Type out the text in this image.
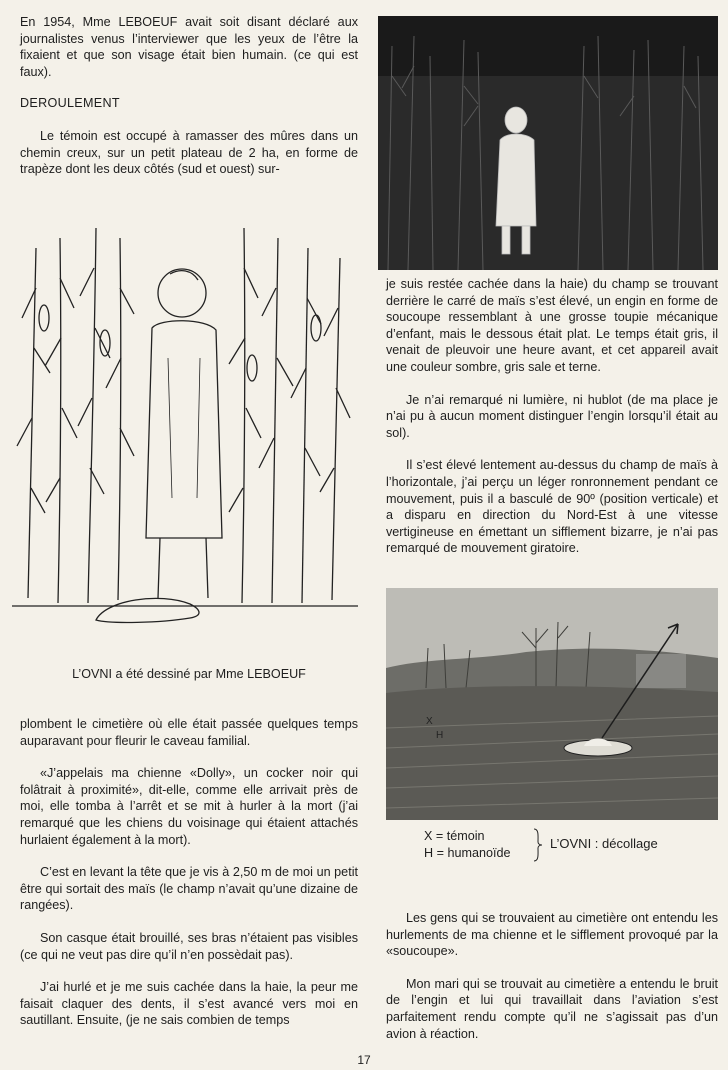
En 1954, Mme LEBOEUF avait soit disant déclaré aux journalistes venus l’interviewer que les yeux de l’être la fixaient et que son visage était bien humain. (ce qui est faux).

DEROULEMENT

Le témoin est occupé à ramasser des mûres dans un chemin creux, sur un petit plateau de 2 ha, en forme de trapèze dont les deux côtés (sud et ouest) sur-

L’OVNI a été dessiné par Mme LEBOEUF

plombent le cimetière où elle était passée quelques temps auparavant pour fleurir le caveau familial.

«J’appelais ma chienne «Dolly», un cocker noir qui folâtrait à proximité», dit-elle, comme elle arrivait près de moi, elle tomba à l’arrêt et se mit à hurler à la mort (j’ai remarqué que les chiens du voisinage qui étaient attachés hurlaient également à la mort).

C’est en levant la tête que je vis à 2,50 m de moi un petit être qui sortait des maïs (le champ n’avait qu’une dizaine de rangées).

Son casque était brouillé, ses bras n’étaient pas visibles (ce qui ne veut pas dire qu’il n’en possèdait pas).

J’ai hurlé et je me suis cachée dans la haie, la peur me faisait claquer des dents, il s’est avancé vers moi en sautillant. Ensuite, (je ne sais combien de temps

je suis restée cachée dans la haie) du champ se trouvant derrière le carré de maïs s’est élevé, un engin en forme de soucoupe ressemblant à une grosse toupie mécanique d’enfant, mais le dessous était plat. Le temps était gris, il venait de pleuvoir une heure avant, et cet appareil avait une couleur sombre, gris sale et terne.

Je n’ai remarqué ni lumière, ni hublot (de ma place je n’ai pu à aucun moment distinguer l’engin lorsqu’il était au sol).

Il s’est élevé lentement au-dessus du champ de maïs à l’horizontale, j’ai perçu un léger ronronnement pendant ce mouvement, puis il a basculé de 90º (position verticale) et a disparu en direction du Nord-Est à une vitesse vertigineuse en émettant un sifflement bizarre, je n’ai pas remarqué de mouvement giratoire.

X
H
X = témoin
H = humanoïde
L’OVNI : décollage

Les gens qui se trouvaient au cimetière ont entendu les hurlements de ma chienne et le sifflement provoqué par la «soucoupe».

Mon mari qui se trouvait au cimetière a entendu le bruit de l’engin et lui qui travaillait dans l’aviation s’est parfaitement rendu compte qu’il ne s’agissait pas d’un avion à réaction.

17
